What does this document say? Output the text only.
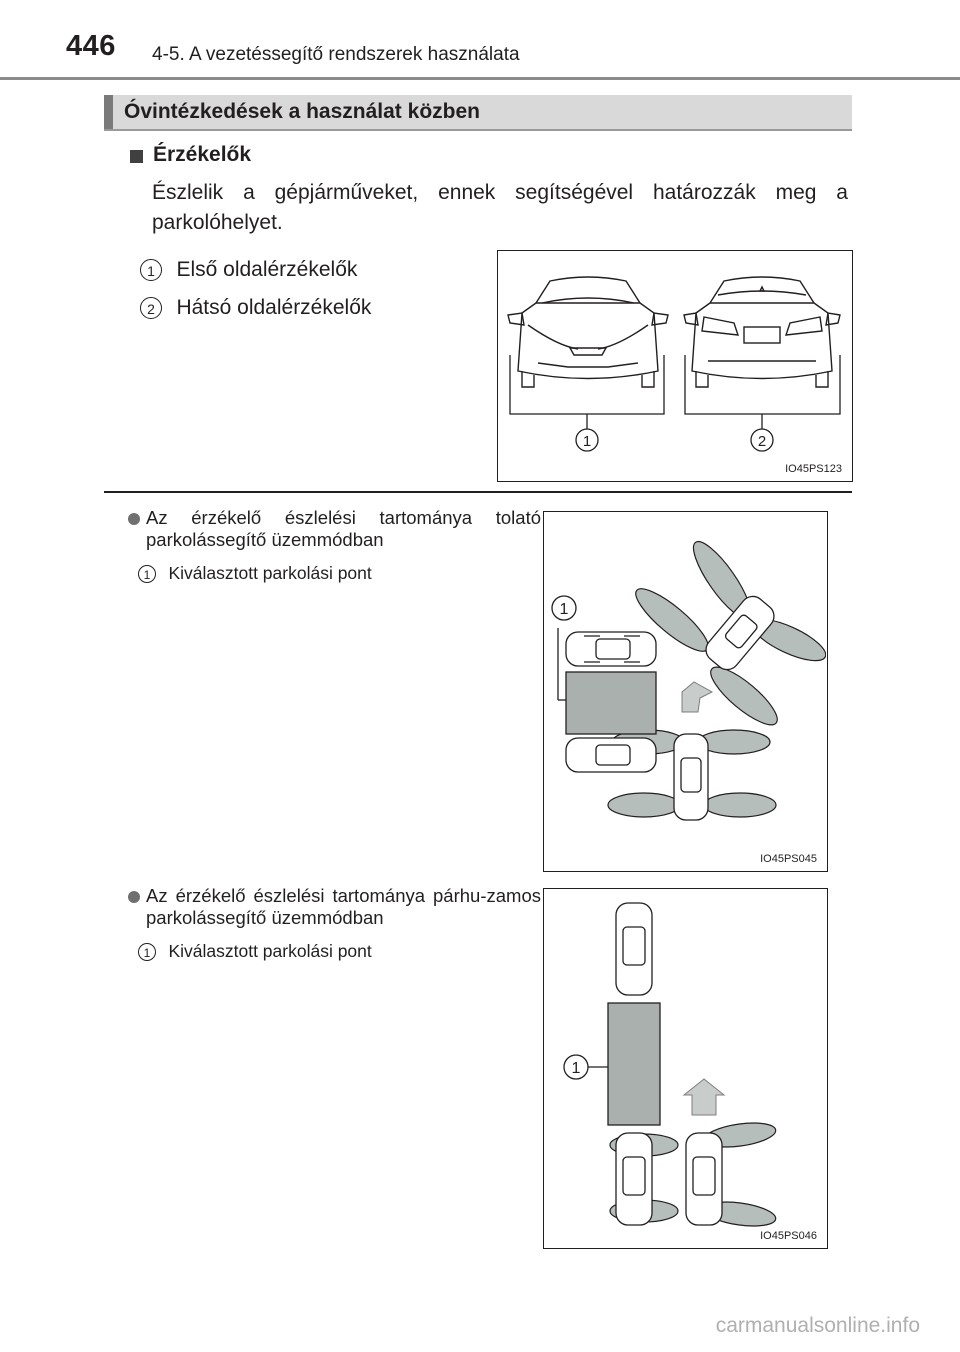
446 4-5. A vezetéssegítő rendszerek használata
Óvintézkedések a használat közben
Érzékelők
Észlelik a gépjárműveket, ennek segítségével határozzák meg a parkolóhelyet.
1 Első oldalérzékelők
2 Hátsó oldalérzékelők
1	2
IO45PS123
Az érzékelő észlelési tartománya tolató parkolássegítő üzemmódban
1 Kiválasztott parkolási pont
1
IO45PS045
Az érzékelő észlelési tartománya párhu-zamos parkolássegítő üzemmódban
1 Kiválasztott parkolási pont
1
IO45PS046
carmanualsonline.info
